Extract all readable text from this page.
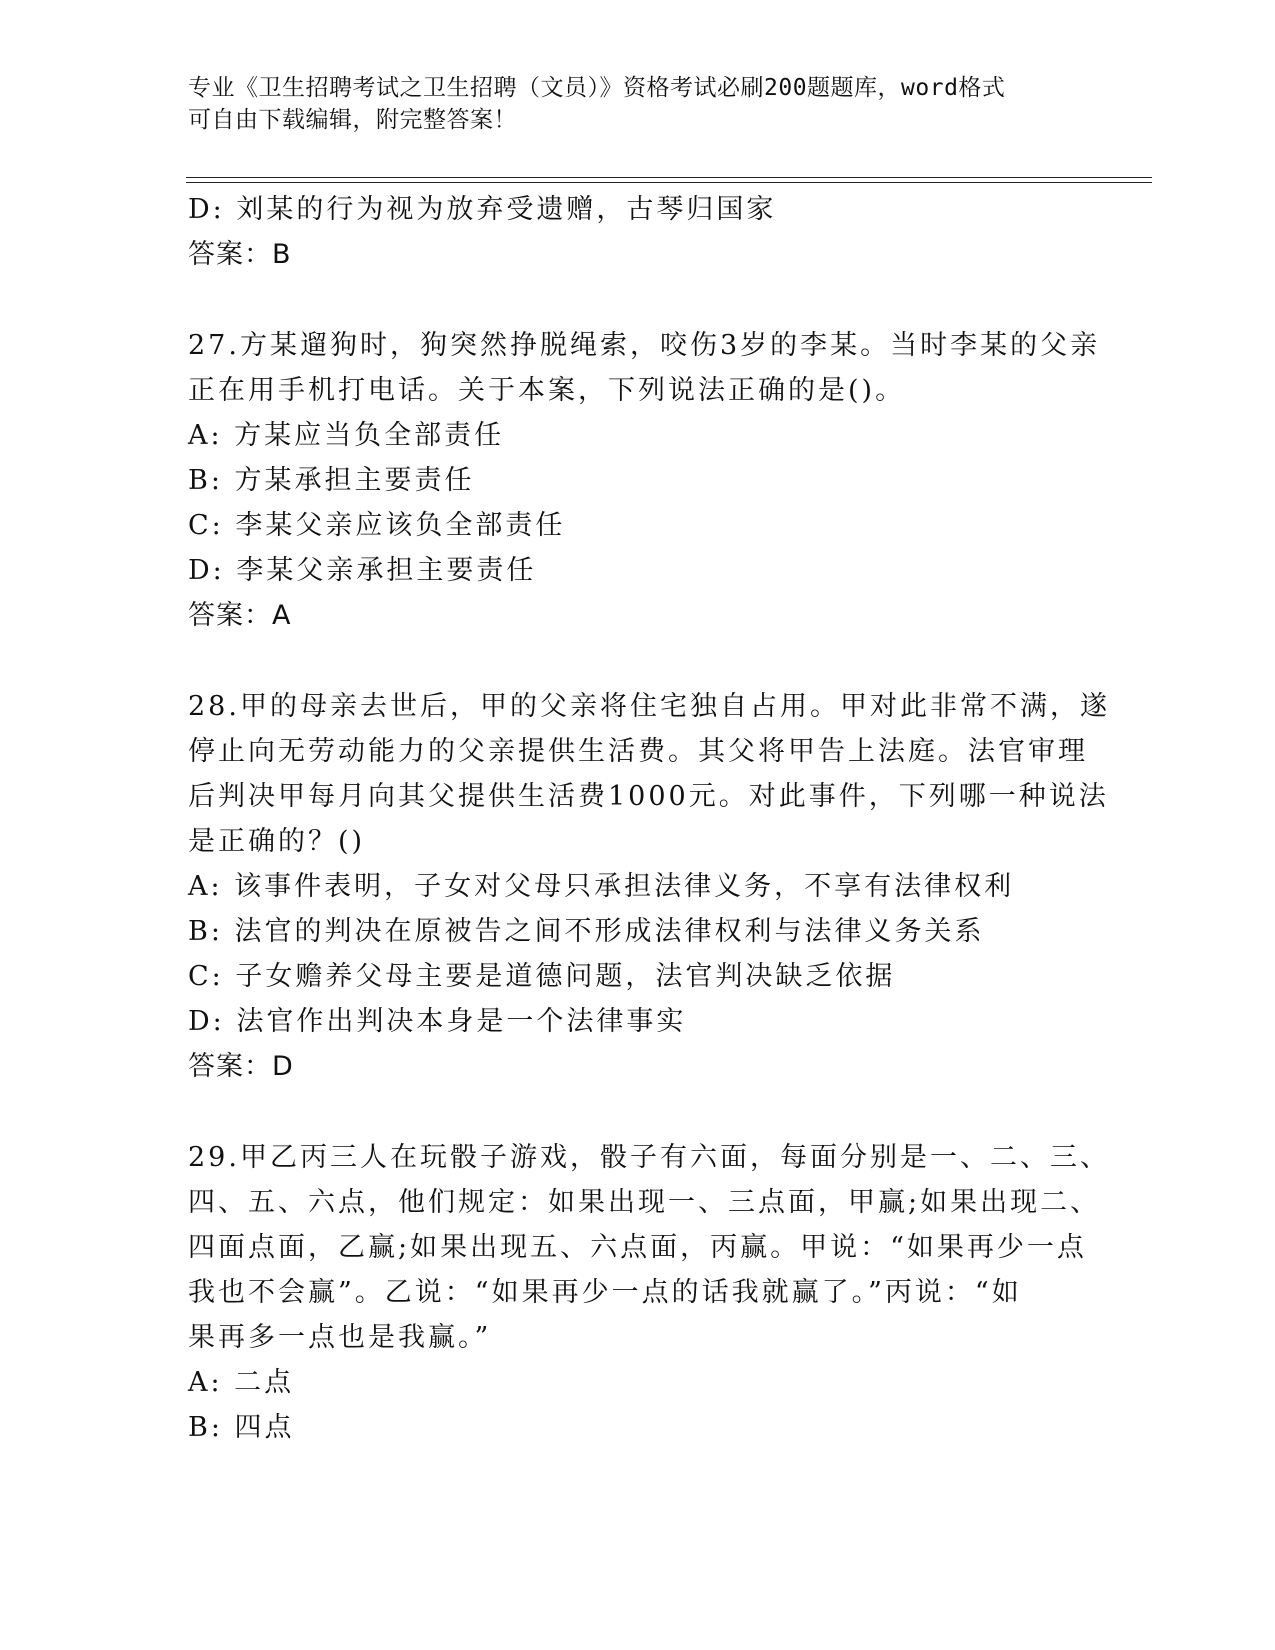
专业《卫生招聘考试之卫生招聘（文员）》资格考试必刷200题题库，word格式
可自由下载编辑，附完整答案！
D: 刘某的行为视为放弃受遗赠，古琴归国家
答案：B
27.方某遛狗时，狗突然挣脱绳索，咬伤3岁的李某。当时李某的父亲
正在用手机打电话。关于本案，下列说法正确的是()。
A: 方某应当负全部责任
B: 方某承担主要责任
C: 李某父亲应该负全部责任
D: 李某父亲承担主要责任
答案：A
28.甲的母亲去世后，甲的父亲将住宅独自占用。甲对此非常不满，遂
停止向无劳动能力的父亲提供生活费。其父将甲告上法庭。法官审理
后判决甲每月向其父提供生活费1000元。对此事件，下列哪一种说法
是正确的？()
A: 该事件表明，子女对父母只承担法律义务，不享有法律权利
B: 法官的判决在原被告之间不形成法律权利与法律义务关系
C: 子女赡养父母主要是道德问题，法官判决缺乏依据
D: 法官作出判决本身是一个法律事实
答案：D
29.甲乙丙三人在玩骰子游戏，骰子有六面，每面分别是一、二、三、
四、五、六点，他们规定：如果出现一、三点面，甲赢;如果出现二、
四面点面，乙赢;如果出现五、六点面，丙赢。甲说：“如果再少一点
我也不会赢”。乙说：“如果再少一点的话我就赢了。”丙说：“如
果再多一点也是我赢。”
A: 二点
B: 四点
